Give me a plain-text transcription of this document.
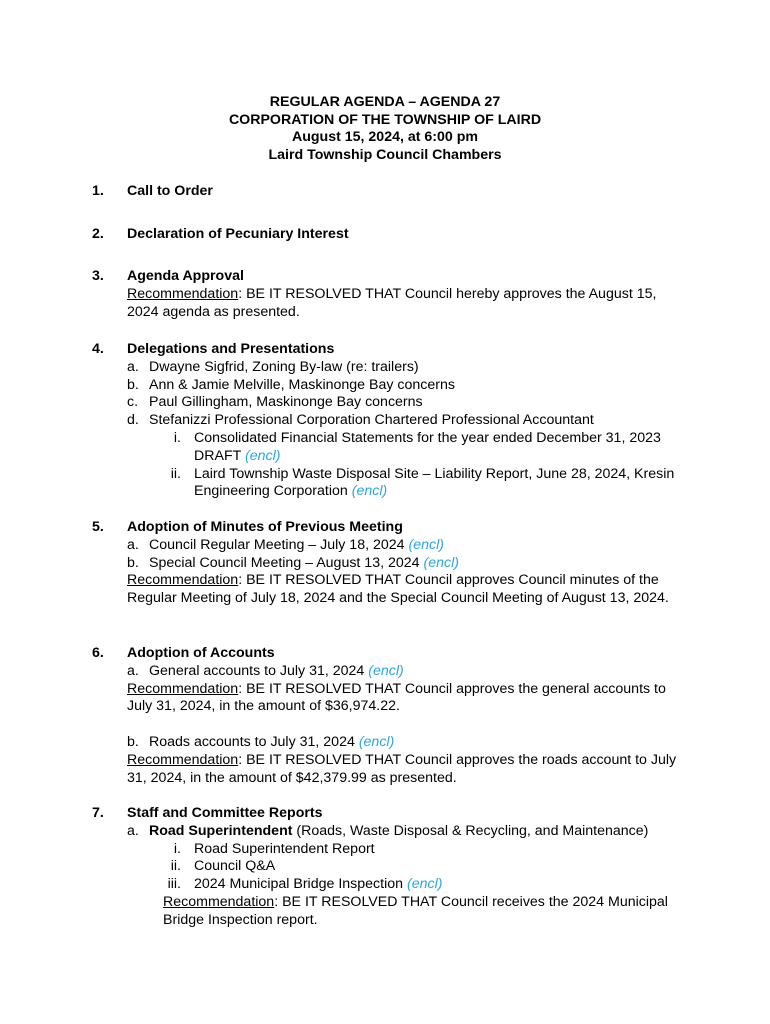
REGULAR AGENDA – AGENDA 27
CORPORATION OF THE TOWNSHIP OF LAIRD
August 15, 2024, at 6:00 pm
Laird Township Council Chambers
1. Call to Order
2. Declaration of Pecuniary Interest
3. Agenda Approval
Recommendation: BE IT RESOLVED THAT Council hereby approves the August 15, 2024 agenda as presented.
4. Delegations and Presentations
a. Dwayne Sigfrid, Zoning By-law (re: trailers)
b. Ann & Jamie Melville, Maskinonge Bay concerns
c. Paul Gillingham, Maskinonge Bay concerns
d. Stefanizzi Professional Corporation Chartered Professional Accountant
i. Consolidated Financial Statements for the year ended December 31, 2023 DRAFT (encl)
ii. Laird Township Waste Disposal Site – Liability Report, June 28, 2024, Kresin Engineering Corporation (encl)
5. Adoption of Minutes of Previous Meeting
a. Council Regular Meeting – July 18, 2024 (encl)
b. Special Council Meeting – August 13, 2024 (encl)
Recommendation: BE IT RESOLVED THAT Council approves Council minutes of the Regular Meeting of July 18, 2024 and the Special Council Meeting of August 13, 2024.
6. Adoption of Accounts
a. General accounts to July 31, 2024 (encl)
Recommendation: BE IT RESOLVED THAT Council approves the general accounts to July 31, 2024, in the amount of $36,974.22.
b. Roads accounts to July 31, 2024 (encl)
Recommendation: BE IT RESOLVED THAT Council approves the roads account to July 31, 2024, in the amount of $42,379.99 as presented.
7. Staff and Committee Reports
a. Road Superintendent (Roads, Waste Disposal & Recycling, and Maintenance)
i. Road Superintendent Report
ii. Council Q&A
iii. 2024 Municipal Bridge Inspection (encl)
Recommendation: BE IT RESOLVED THAT Council receives the 2024 Municipal Bridge Inspection report.
